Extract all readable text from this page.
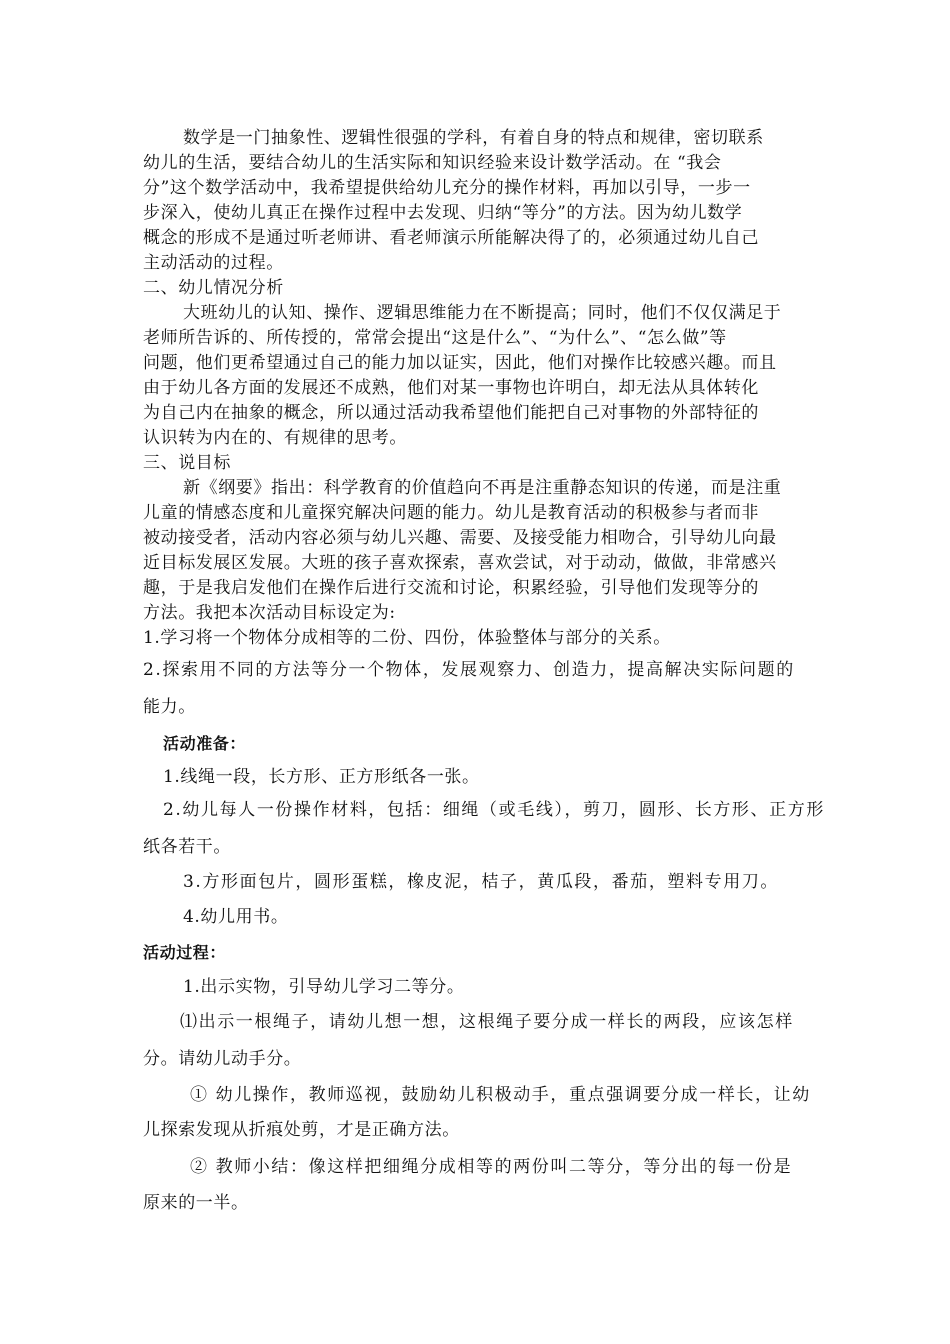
数学是一门抽象性、逻辑性很强的学科，有着自身的特点和规律，密切联系
幼儿的生活，要结合幼儿的生活实际和知识经验来设计数学活动。在 “我会
分”这个数学活动中，我希望提供给幼儿充分的操作材料，再加以引导，一步一
步深入，使幼儿真正在操作过程中去发现、归纳“等分”的方法。因为幼儿数学
概念的形成不是通过听老师讲、看老师演示所能解决得了的，必须通过幼儿自己
主动活动的过程。
二、幼儿情况分析
大班幼儿的认知、操作、逻辑思维能力在不断提高；同时，他们不仅仅满足于
老师所告诉的、所传授的，常常会提出“这是什么”、“为什么”、“怎么做”等
问题，他们更希望通过自己的能力加以证实，因此，他们对操作比较感兴趣。而且
由于幼儿各方面的发展还不成熟，他们对某一事物也许明白，却无法从具体转化
为自己内在抽象的概念，所以通过活动我希望他们能把自己对事物的外部特征的
认识转为内在的、有规律的思考。
三、说目标
新《纲要》指出：科学教育的价值趋向不再是注重静态知识的传递，而是注重
儿童的情感态度和儿童探究解决问题的能力。幼儿是教育活动的积极参与者而非
被动接受者，活动内容必须与幼儿兴趣、需要、及接受能力相吻合，引导幼儿向最
近目标发展区发展。大班的孩子喜欢探索，喜欢尝试，对于动动，做做，非常感兴
趣，于是我启发他们在操作后进行交流和讨论，积累经验，引导他们发现等分的
方法。我把本次活动目标设定为:
1.学习将一个物体分成相等的二份、四份，体验整体与部分的关系。
2.探索用不同的方法等分一个物体，发展观察力、创造力，提高解决实际问题的
能力。
活动准备：
1.线绳一段，长方形、正方形纸各一张。
2.幼儿每人一份操作材料，包括：细绳（或毛线），剪刀，圆形、长方形、正方形
纸各若干。
3.方形面包片，圆形蛋糕，橡皮泥，桔子，黄瓜段，番茄，塑料专用刀。
4.幼儿用书。
活动过程：
1.出示实物，引导幼儿学习二等分。
⑴出示一根绳子，请幼儿想一想，这根绳子要分成一样长的两段，应该怎样
分。请幼儿动手分。
① 幼儿操作，教师巡视，鼓励幼儿积极动手，重点强调要分成一样长，让幼
儿探索发现从折痕处剪，才是正确方法。
② 教师小结：像这样把细绳分成相等的两份叫二等分，等分出的每一份是
原来的一半。
